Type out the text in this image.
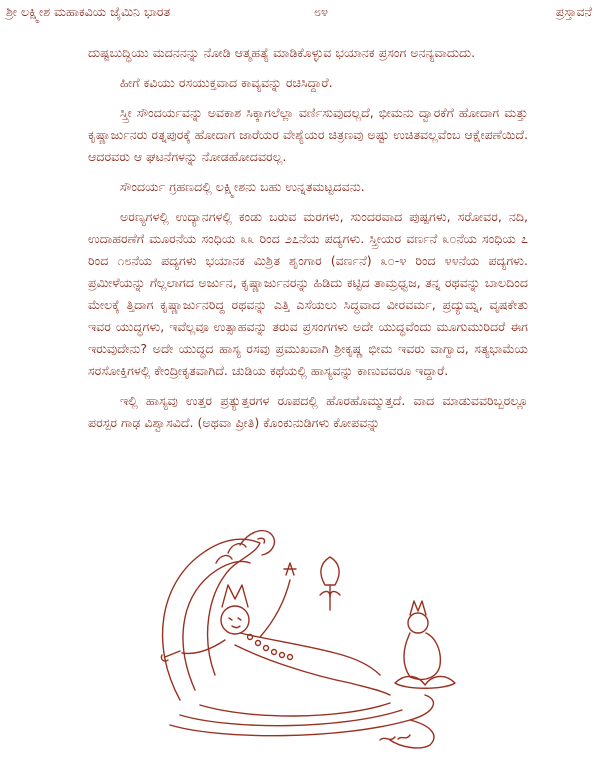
ಶ್ರೀ ಲಕ್ಷ್ಮೀಶ ಮಹಾಕವಿಯ ಜೈಮಿನಿ ಭಾರತ	೮೪	ಪ್ರಸ್ತಾವನೆ

ದುಷ್ಟಬುದ್ಧಿಯು ಮದನನನ್ನು ನೋಡಿ ಆತ್ಮಹತ್ಯೆ ಮಾಡಿಕೊಳ್ಳುವ ಭಯಾನಕ ಪ್ರಸಂಗ ಅನನ್ಯವಾದುದು.

ಹೀಗೆ ಕವಿಯು ರಸಯುಕ್ತವಾದ ಕಾವ್ಯವನ್ನು ರಚಿಸಿದ್ದಾರೆ.

ಸ್ತ್ರೀ ಸೌಂದರ್ಯವನ್ನು ಅವಕಾಶ ಸಿಕ್ಕಾಗಲೆಲ್ಲಾ ವರ್ಣಿಸುವುದಲ್ಲದೆ, ಭೀಮನು ದ್ವಾರಕೆಗೆ ಹೋದಾಗ ಮತ್ತು ಕೃಷ್ಣಾರ್ಜುನರು ರತ್ನಪುರಕ್ಕೆ ಹೋದಾಗ ಜಾರೆಯರ ವೇಶ್ಯೆಯರ ಚಿತ್ರಣವು ಅಷ್ಟು ಉಚಿತವಲ್ಲವೆಂಬ ಆಕ್ಷೇಪಣೆಯಿದೆ. ಆದರವರು ಆ ಘಟನೆಗಳನ್ನು ನೋಡಹೋದವರಲ್ಲ.

ಸೌಂದರ್ಯ ಗ್ರಹಣದಲ್ಲಿ ಲಕ್ಷ್ಮೀಶನು ಬಹು ಉನ್ನತಮಟ್ಟದವನು.

ಅರಣ್ಯಗಳಲ್ಲಿ ಉದ್ಯಾನಗಳಲ್ಲಿ ಕಂಡು ಬರುವ ಮರಗಳು, ಸುಂದರವಾದ ಪುಷ್ಪಗಳು, ಸರೋವರ, ನದಿ, ಉದಾಹರಣೆಗೆ ಮೂರನೆಯ ಸಂಧಿಯ ೩೩ ರಿಂದ ೨೭ನೆಯ ಪದ್ಯಗಳು. ಸ್ತ್ರೀಯರ ವರ್ಣನೆ ೩೦ನೆಯ ಸಂಧಿಯ ೭ ರಿಂದ ೧೮ನೆಯ ಪದ್ಯಗಳು ಭಯಾನಕ ಮಿಶ್ರಿತ ಶೃಂಗಾರ (ವರ್ಣನೆ) ೩೦-೪ ರಿಂದ ೪೪ನೆಯ ಪದ್ಯಗಳು. ಪ್ರಮೀಳೆಯನ್ನು ಗೆಲ್ಲಲಾಗದ ಅರ್ಜುನ, ಕೃಷ್ಣಾರ್ಜುನರನ್ನು ಹಿಡಿದು ಕಟ್ಟಿದ ತಾಮ್ರಧ್ವಜ, ತನ್ನ ರಥವನ್ನು ಬಾಲದಿಂದ ಮೇಲಕ್ಕೆ ತ್ತಿದಾಗ ಕೃಷ್ಣಾರ್ಜುನರಿದ್ದ ರಥವನ್ನು ಎತ್ತಿ ಎಸೆಯಲು ಸಿದ್ಧವಾದ ವೀರವರ್ಮ, ಪ್ರದ್ಯುಮ್ನ, ವೃಷಕೇತು ಇವರ ಯುದ್ಧಗಳು, ಇವೆಲ್ಲವೂ ಉತ್ಸಾಹವನ್ನು ತರುವ ಪ್ರಸಂಗಗಳು ಅದೇ ಯುದ್ಧವೆಂದು ಮೂಗುಮುರಿದರೆ ಈಗ ಇರುವುದೇನು? ಅದೇ ಯುದ್ಧದ ಹಾಸ್ಯ ರಸವು ಪ್ರಮುಖವಾಗಿ ಶ್ರೀಕೃಷ್ಣ ಭೀಮ ಇವರು ವಾಗ್ವಾದ, ಸತ್ಯಭಾಮೆಯ ಸರಸೋಕ್ತಿಗಳಲ್ಲಿ ಕೇಂದ್ರೀಕೃತವಾಗಿದೆ. ಚುಡಿಯ ಕಥೆಯಲ್ಲಿ ಹಾಸ್ಯವನ್ನು ಕಾಣುವವರೂ ಇದ್ದಾರೆ.

ಇಲ್ಲಿ ಹಾಸ್ಯವು ಉತ್ತರ ಪ್ರತ್ಯುತ್ತರಗಳ ರೂಪದಲ್ಲಿ ಹೊರಹೊಮ್ಮುತ್ತದೆ. ವಾದ ಮಾಡುವವರಿಬ್ಬರಲ್ಲೂ ಪರಸ್ಪರ ಗಾಢ ವಿಶ್ವಾಸವಿದೆ. (ಅಥವಾ ಪ್ರೀತಿ) ಕೊಂಕುನುಡಿಗಳು ಕೋಪವನ್ನು
